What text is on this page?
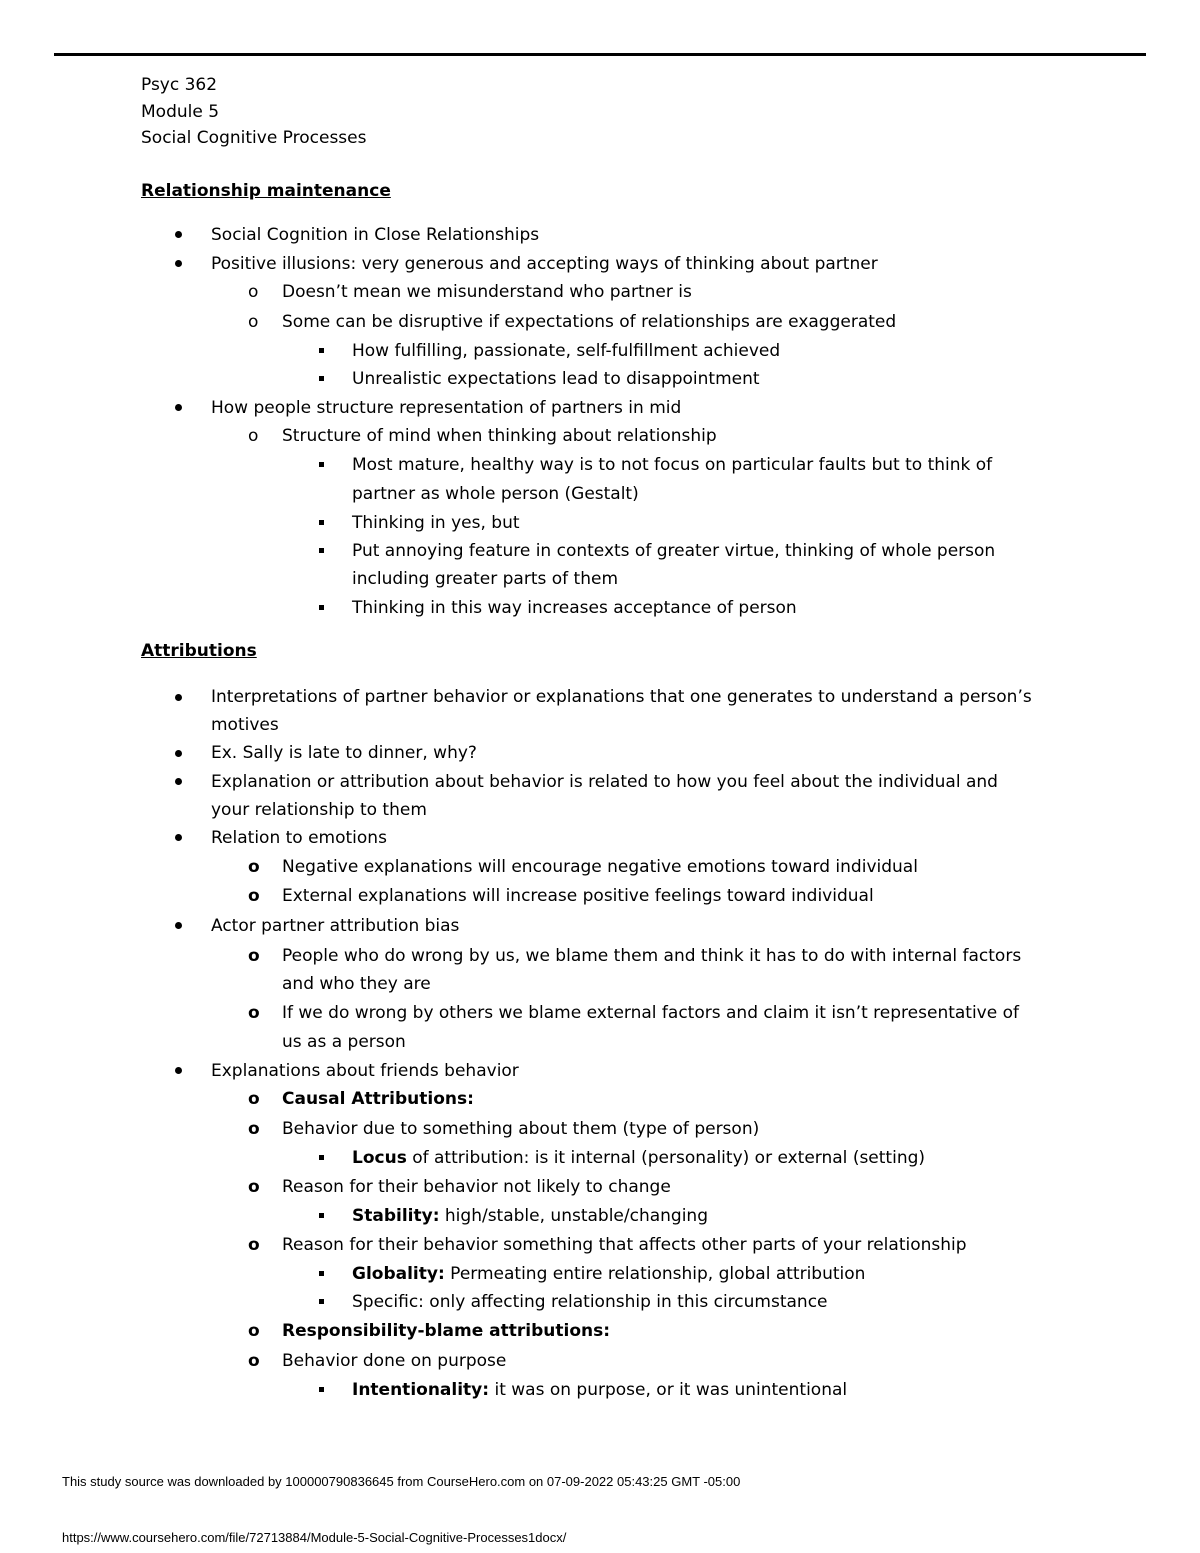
Psyc 362
Module 5
Social Cognitive Processes
Relationship maintenance
Social Cognition in Close Relationships
Positive illusions: very generous and accepting ways of thinking about partner
o Doesn’t mean we misunderstand who partner is
o Some can be disruptive if expectations of relationships are exaggerated
How fulfilling, passionate, self-fulfillment achieved
Unrealistic expectations lead to disappointment
How people structure representation of partners in mid
o Structure of mind when thinking about relationship
Most mature, healthy way is to not focus on particular faults but to think of
partner as whole person (Gestalt)
Thinking in yes, but
Put annoying feature in contexts of greater virtue, thinking of whole person
including greater parts of them
Thinking in this way increases acceptance of person
Attributions
Interpretations of partner behavior or explanations that one generates to understand a person’s
motives
Ex. Sally is late to dinner, why?
Explanation or attribution about behavior is related to how you feel about the individual and
your relationship to them
Relation to emotions
o Negative explanations will encourage negative emotions toward individual
o External explanations will increase positive feelings toward individual
Actor partner attribution bias
o People who do wrong by us, we blame them and think it has to do with internal factors
and who they are
o If we do wrong by others we blame external factors and claim it isn’t representative of
us as a person
Explanations about friends behavior
o Causal Attributions:
o Behavior due to something about them (type of person)
Locus of attribution: is it internal (personality) or external (setting)
o Reason for their behavior not likely to change
Stability: high/stable, unstable/changing
o Reason for their behavior something that affects other parts of your relationship
Globality: Permeating entire relationship, global attribution
Specific: only affecting relationship in this circumstance
o Responsibility-blame attributions:
o Behavior done on purpose
Intentionality: it was on purpose, or it was unintentional
This study source was downloaded by 100000790836645 from CourseHero.com on 07-09-2022 05:43:25 GMT -05:00
https://www.coursehero.com/file/72713884/Module-5-Social-Cognitive-Processes1docx/
